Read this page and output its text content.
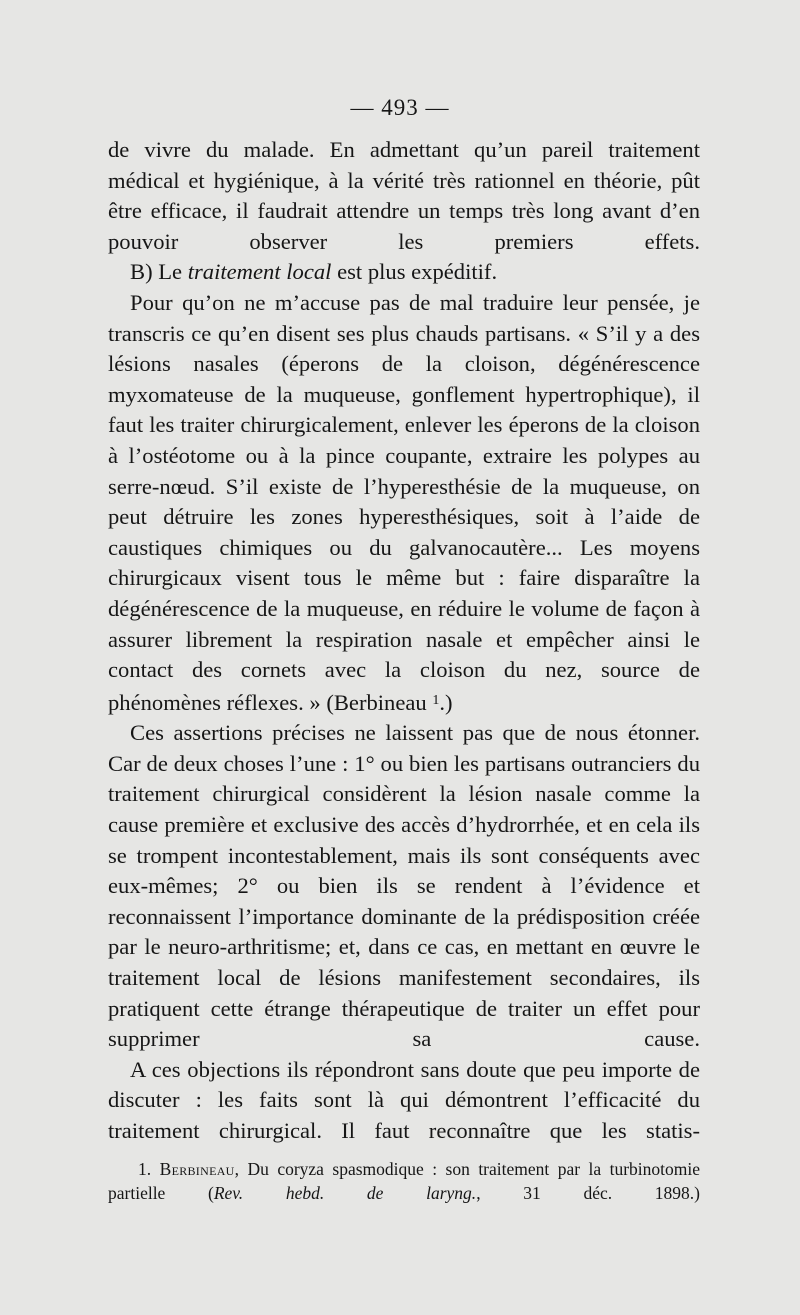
— 493 —

de vivre du malade. En admettant qu’un pareil traitement médical et hygiénique, à la vérité très rationnel en théorie, pût être efficace, il faudrait attendre un temps très long avant d’en pouvoir observer les premiers effets.

B) Le traitement local est plus expéditif.

Pour qu’on ne m’accuse pas de mal traduire leur pensée, je transcris ce qu’en disent ses plus chauds partisans. « S’il y a des lésions nasales (éperons de la cloison, dégénérescence myxomateuse de la muqueuse, gonflement hypertrophique), il faut les traiter chirurgicalement, enlever les éperons de la cloison à l’ostéotome ou à la pince coupante, extraire les polypes au serre-nœud. S’il existe de l’hyperesthésie de la muqueuse, on peut détruire les zones hyperesthésiques, soit à l’aide de caustiques chimiques ou du galvanocautère... Les moyens chirurgicaux visent tous le même but : faire disparaître la dégénérescence de la muqueuse, en réduire le volume de façon à assurer librement la respiration nasale et empêcher ainsi le contact des cornets avec la cloison du nez, source de phénomènes réflexes. » (Berbineau $^1$.)

Ces assertions précises ne laissent pas que de nous étonner. Car de deux choses l’une : 1° ou bien les partisans outranciers du traitement chirurgical considèrent la lésion nasale comme la cause première et exclusive des accès d’hydrorrhée, et en cela ils se trompent incontestablement, mais ils sont conséquents avec eux-mêmes; 2° ou bien ils se rendent à l’évidence et reconnaissent l’importance dominante de la prédisposition créée par le neuro-arthritisme; et, dans ce cas, en mettant en œuvre le traitement local de lésions manifestement secondaires, ils pratiquent cette étrange thérapeutique de traiter un effet pour supprimer sa cause.

A ces objections ils répondront sans doute que peu importe de discuter : les faits sont là qui démontrent l’efficacité du traitement chirurgical. Il faut reconnaître que les statis-

1. Berbineau, Du coryza spasmodique : son traitement par la turbinotomie partielle (Rev. hebd. de laryng., 31 déc. 1898.)
